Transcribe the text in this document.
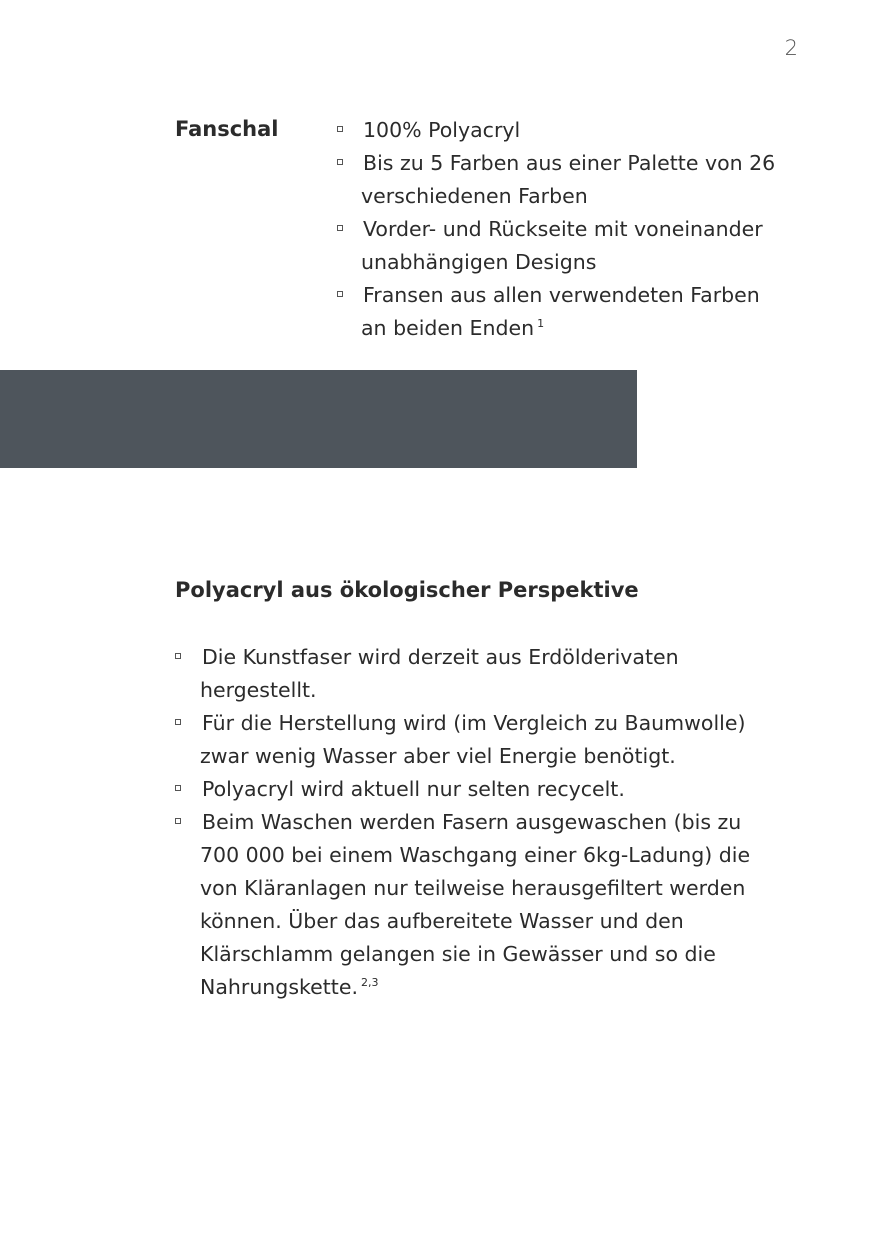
2
Fanschal	100% Polyacryl
Bis zu 5 Farben aus einer Palette von 26 verschiedenen Farben
Vorder- und Rückseite mit voneinander unabhängigen Designs
Fransen aus allen verwendeten Farben an beiden Enden $^1$
Polyacryl aus ökologischer Perspektive
Die Kunstfaser wird derzeit aus Erdölderivaten hergestellt.
Für die Herstellung wird (im Vergleich zu Baumwolle) zwar wenig Wasser aber viel Energie benötigt.
Polyacryl wird aktuell nur selten recycelt.
Beim Waschen werden Fasern ausgewaschen (bis zu 700 000 bei einem Waschgang einer 6kg-Ladung) die von Kläranlagen nur teilweise herausgefiltert werden können. Über das aufbereitete Wasser und den Klärschlamm gelangen sie in Gewässer und so die Nahrungskette. $^{2,3}$
